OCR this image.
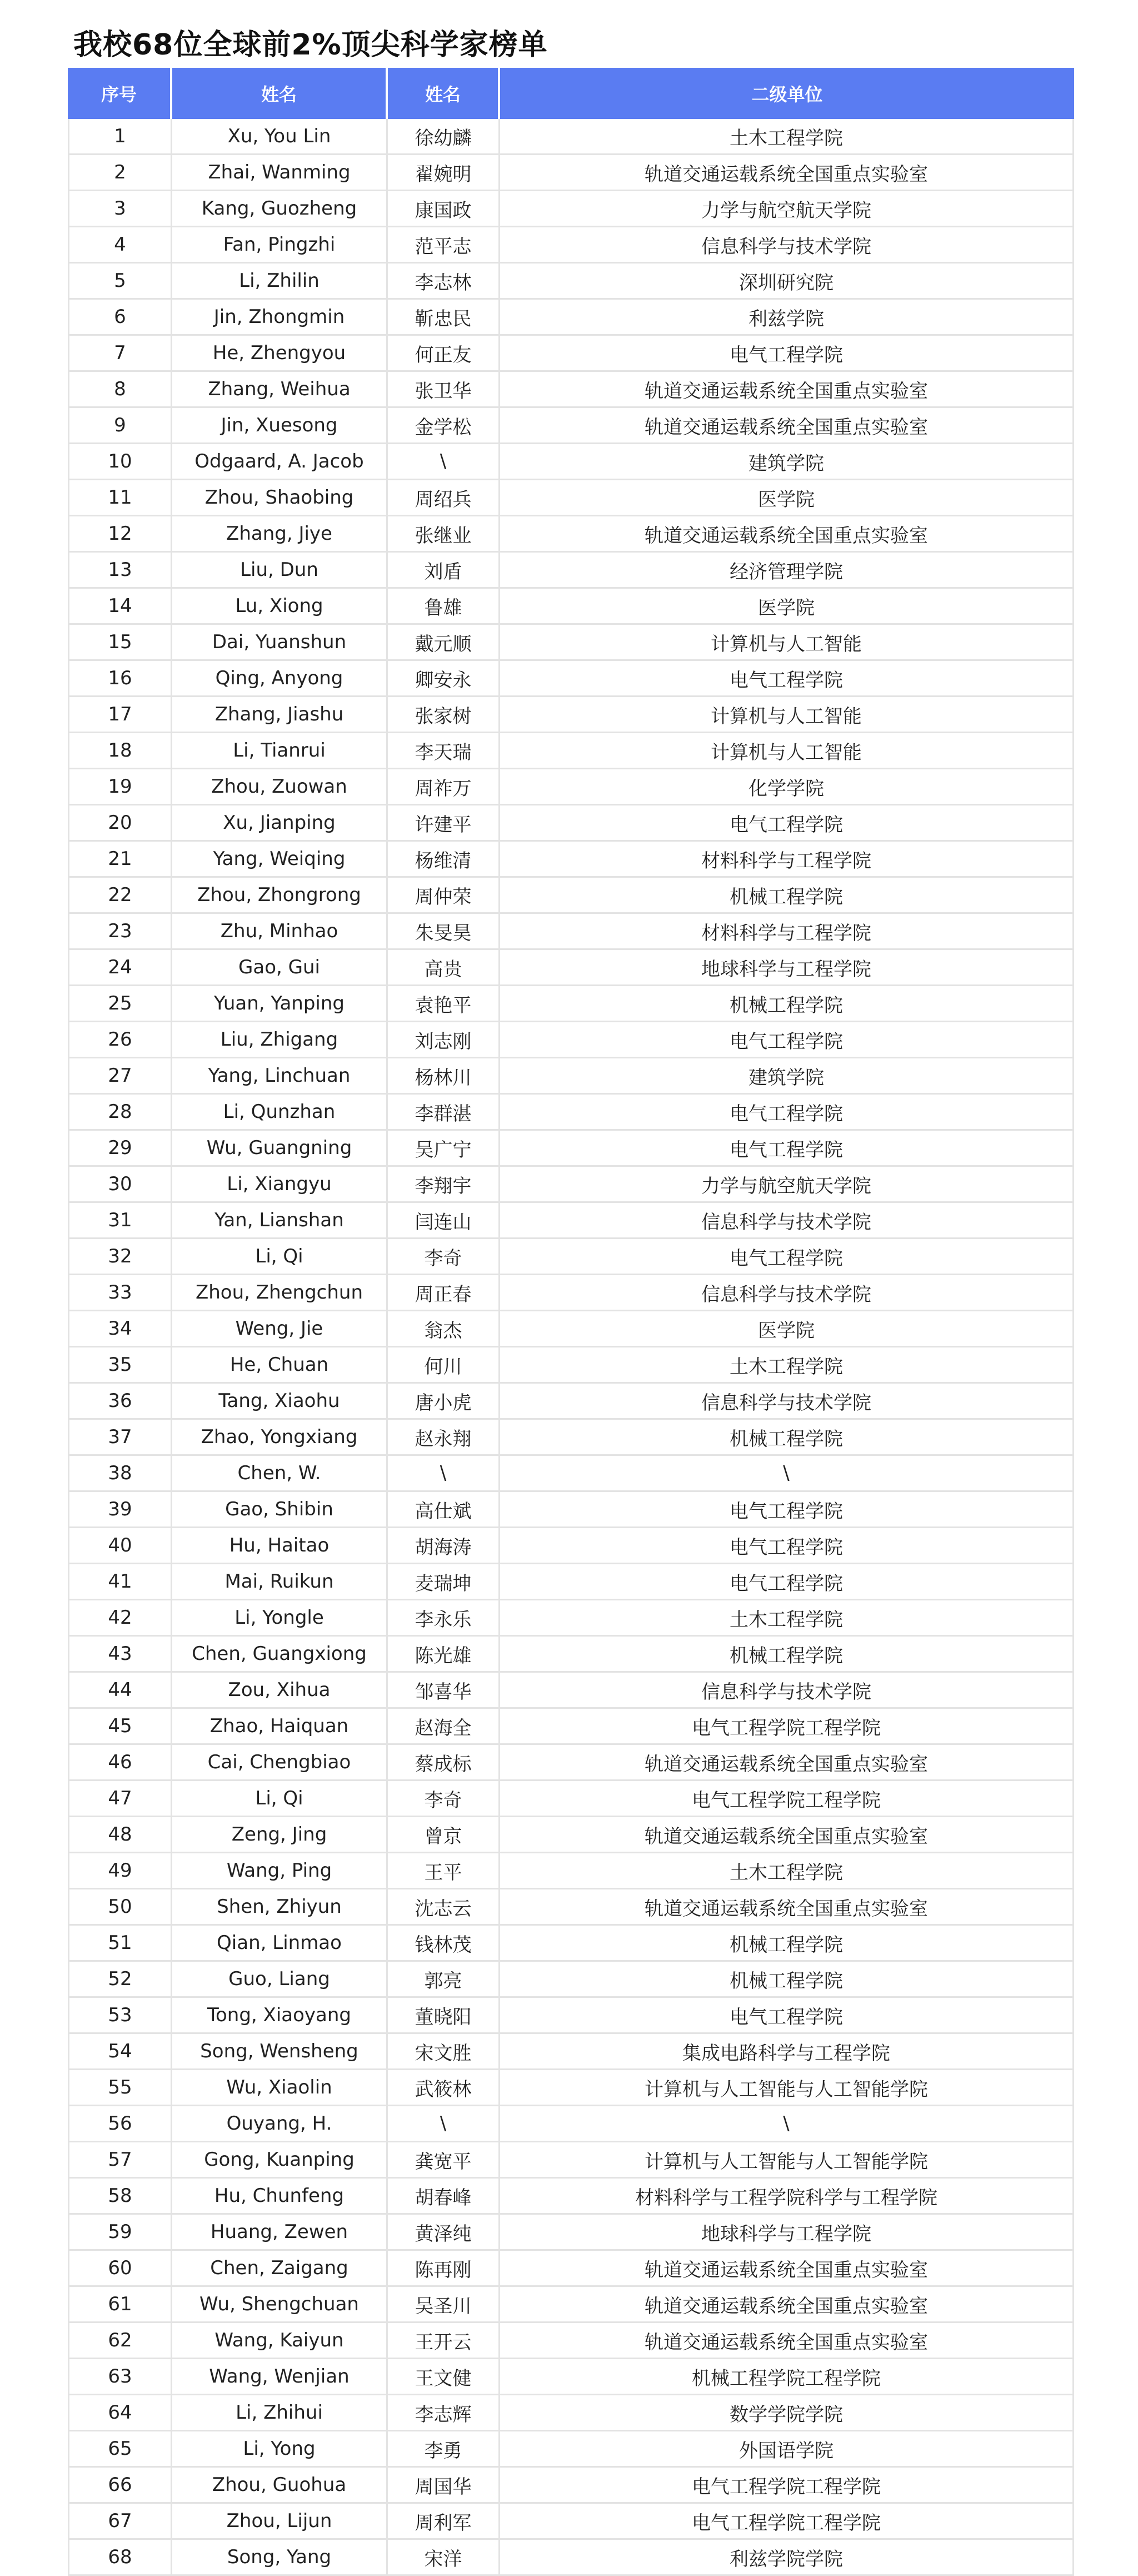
我校68位全球前2%顶尖科学家榜单
序号	姓名	姓名	二级单位
1	Xu, You Lin	徐幼麟	土木工程学院
2	Zhai, Wanming	翟婉明	轨道交通运载系统全国重点实验室
3	Kang, Guozheng	康国政	力学与航空航天学院
4	Fan, Pingzhi	范平志	信息科学与技术学院
5	Li, Zhilin	李志林	深圳研究院
6	Jin, Zhongmin	靳忠民	利兹学院
7	He, Zhengyou	何正友	电气工程学院
8	Zhang, Weihua	张卫华	轨道交通运载系统全国重点实验室
9	Jin, Xuesong	金学松	轨道交通运载系统全国重点实验室
10	Odgaard, A. Jacob	\	建筑学院
11	Zhou, Shaobing	周绍兵	医学院
12	Zhang, Jiye	张继业	轨道交通运载系统全国重点实验室
13	Liu, Dun	刘盾	经济管理学院
14	Lu, Xiong	鲁雄	医学院
15	Dai, Yuanshun	戴元顺	计算机与人工智能
16	Qing, Anyong	卿安永	电气工程学院
17	Zhang, Jiashu	张家树	计算机与人工智能
18	Li, Tianrui	李天瑞	计算机与人工智能
19	Zhou, Zuowan	周祚万	化学学院
20	Xu, Jianping	许建平	电气工程学院
21	Yang, Weiqing	杨维清	材料科学与工程学院
22	Zhou, Zhongrong	周仲荣	机械工程学院
23	Zhu, Minhao	朱旻昊	材料科学与工程学院
24	Gao, Gui	高贵	地球科学与工程学院
25	Yuan, Yanping	袁艳平	机械工程学院
26	Liu, Zhigang	刘志刚	电气工程学院
27	Yang, Linchuan	杨林川	建筑学院
28	Li, Qunzhan	李群湛	电气工程学院
29	Wu, Guangning	吴广宁	电气工程学院
30	Li, Xiangyu	李翔宇	力学与航空航天学院
31	Yan, Lianshan	闫连山	信息科学与技术学院
32	Li, Qi	李奇	电气工程学院
33	Zhou, Zhengchun	周正春	信息科学与技术学院
34	Weng, Jie	翁杰	医学院
35	He, Chuan	何川	土木工程学院
36	Tang, Xiaohu	唐小虎	信息科学与技术学院
37	Zhao, Yongxiang	赵永翔	机械工程学院
38	Chen, W.	\	\
39	Gao, Shibin	高仕斌	电气工程学院
40	Hu, Haitao	胡海涛	电气工程学院
41	Mai, Ruikun	麦瑞坤	电气工程学院
42	Li, Yongle	李永乐	土木工程学院
43	Chen, Guangxiong	陈光雄	机械工程学院
44	Zou, Xihua	邹喜华	信息科学与技术学院
45	Zhao, Haiquan	赵海全	电气工程学院工程学院
46	Cai, Chengbiao	蔡成标	轨道交通运载系统全国重点实验室
47	Li, Qi	李奇	电气工程学院工程学院
48	Zeng, Jing	曾京	轨道交通运载系统全国重点实验室
49	Wang, Ping	王平	土木工程学院
50	Shen, Zhiyun	沈志云	轨道交通运载系统全国重点实验室
51	Qian, Linmao	钱林茂	机械工程学院
52	Guo, Liang	郭亮	机械工程学院
53	Tong, Xiaoyang	董晓阳	电气工程学院
54	Song, Wensheng	宋文胜	集成电路科学与工程学院
55	Wu, Xiaolin	武筱林	计算机与人工智能与人工智能学院
56	Ouyang, H.	\	\
57	Gong, Kuanping	龚宽平	计算机与人工智能与人工智能学院
58	Hu, Chunfeng	胡春峰	材料科学与工程学院科学与工程学院
59	Huang, Zewen	黄泽纯	地球科学与工程学院
60	Chen, Zaigang	陈再刚	轨道交通运载系统全国重点实验室
61	Wu, Shengchuan	吴圣川	轨道交通运载系统全国重点实验室
62	Wang, Kaiyun	王开云	轨道交通运载系统全国重点实验室
63	Wang, Wenjian	王文健	机械工程学院工程学院
64	Li, Zhihui	李志辉	数学学院学院
65	Li, Yong	李勇	外国语学院
66	Zhou, Guohua	周国华	电气工程学院工程学院
67	Zhou, Lijun	周利军	电气工程学院工程学院
68	Song, Yang	宋洋	利兹学院学院
